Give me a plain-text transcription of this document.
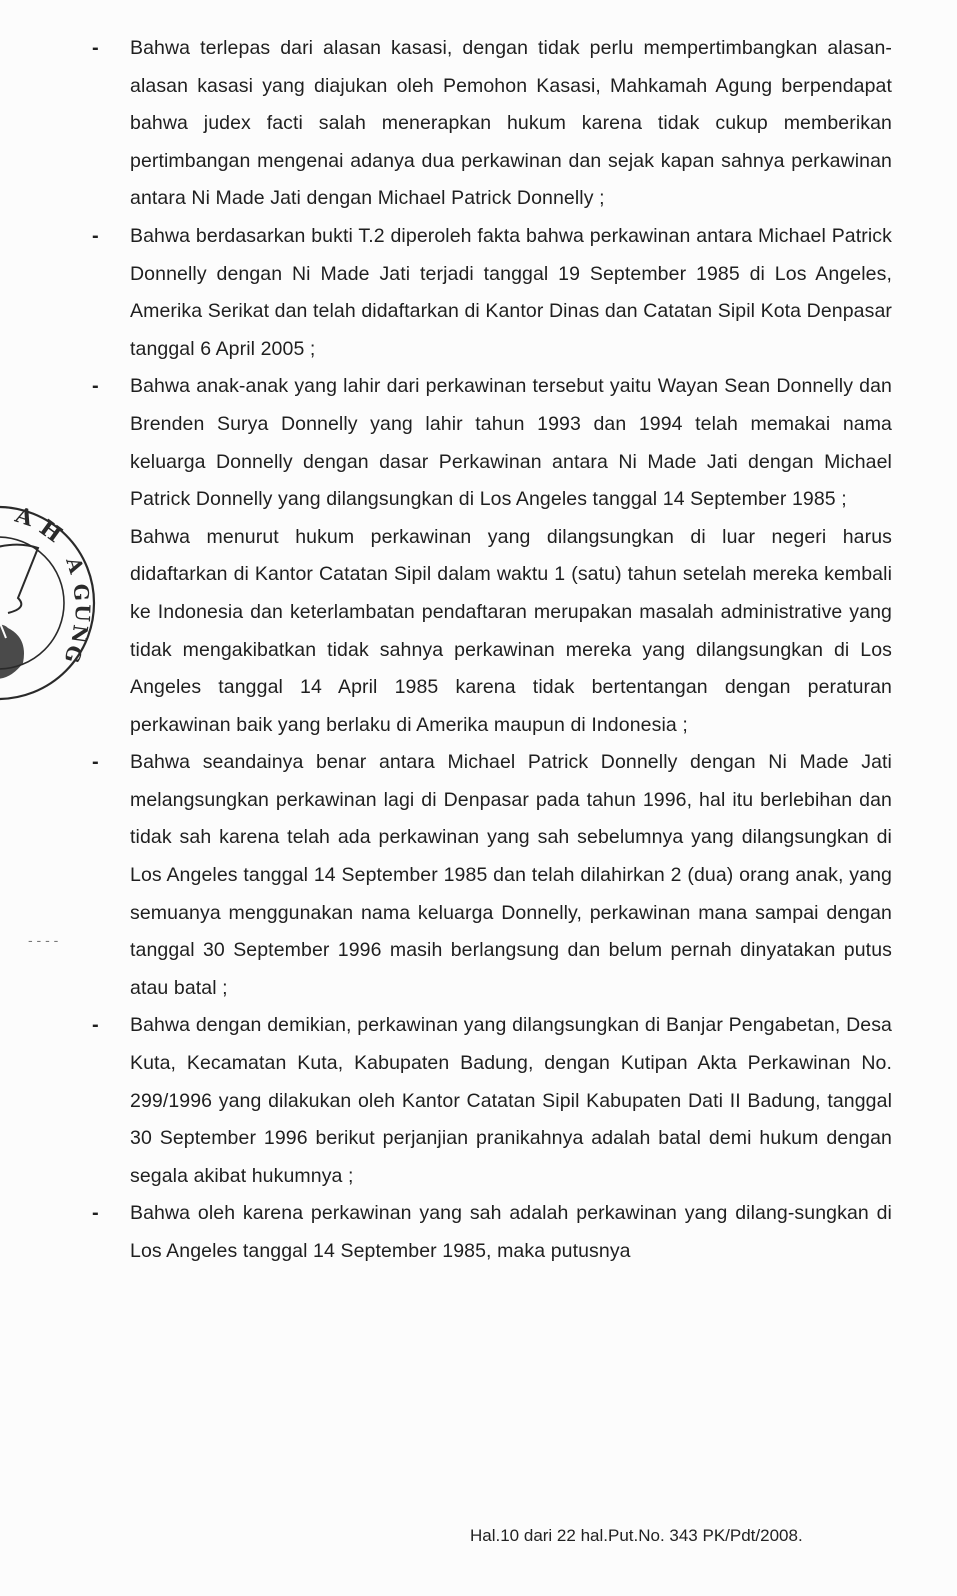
A
H
A
G
U
N
G
-	Bahwa terlepas dari alasan kasasi, dengan tidak perlu mempertimbangkan alasan-alasan kasasi yang diajukan oleh Pemohon Kasasi, Mahkamah Agung berpendapat bahwa judex facti salah menerapkan hukum karena tidak cukup memberikan pertimbangan mengenai adanya dua perkawinan dan sejak kapan sahnya perkawinan antara Ni Made Jati dengan Michael Patrick Donnelly ;
-	Bahwa berdasarkan bukti T.2 diperoleh fakta bahwa perkawinan antara Michael Patrick Donnelly dengan Ni Made Jati terjadi tanggal 19 September 1985 di Los Angeles, Amerika Serikat dan telah didaftarkan di Kantor Dinas dan Catatan Sipil Kota Denpasar tanggal 6 April 2005 ;
-	Bahwa anak-anak yang lahir dari perkawinan tersebut yaitu Wayan Sean Donnelly dan Brenden Surya Donnelly yang lahir tahun 1993 dan 1994 telah memakai nama keluarga Donnelly dengan dasar Perkawinan antara Ni Made Jati dengan Michael Patrick Donnelly yang dilangsungkan di Los Angeles tanggal 14 September 1985 ;
Bahwa menurut hukum perkawinan yang dilangsungkan di luar negeri harus didaftarkan di Kantor Catatan Sipil dalam waktu 1 (satu) tahun setelah mereka kembali ke Indonesia dan keterlambatan pendaftaran merupakan masalah administrative yang tidak mengakibatkan tidak sahnya perkawinan mereka yang dilangsungkan di Los Angeles tanggal 14 April 1985 karena tidak bertentangan dengan peraturan perkawinan baik yang berlaku di Amerika maupun di Indonesia ;
-	Bahwa seandainya benar antara Michael Patrick Donnelly dengan Ni Made Jati melangsungkan perkawinan lagi di Denpasar pada tahun 1996, hal itu berlebihan dan tidak sah karena telah ada perkawinan yang sah sebelumnya yang dilangsungkan di Los Angeles tanggal 14 September 1985 dan telah dilahirkan 2 (dua) orang anak, yang semuanya menggunakan nama keluarga Donnelly, perkawinan mana sampai dengan tanggal 30 September 1996 masih berlangsung dan belum pernah dinyatakan putus atau batal ;
-	Bahwa dengan demikian, perkawinan yang dilangsungkan di Banjar Pengabetan, Desa Kuta, Kecamatan Kuta, Kabupaten Badung, dengan Kutipan Akta Perkawinan No. 299/1996 yang dilakukan oleh Kantor Catatan Sipil Kabupaten Dati II Badung, tanggal 30 September 1996 berikut perjanjian pranikahnya adalah batal demi hukum dengan segala akibat hukumnya ;
-	Bahwa oleh karena perkawinan yang sah adalah perkawinan yang dilang-sungkan di Los Angeles tanggal 14 September 1985, maka putusnya
- - - -
Hal.10 dari 22 hal.Put.No. 343 PK/Pdt/2008.
